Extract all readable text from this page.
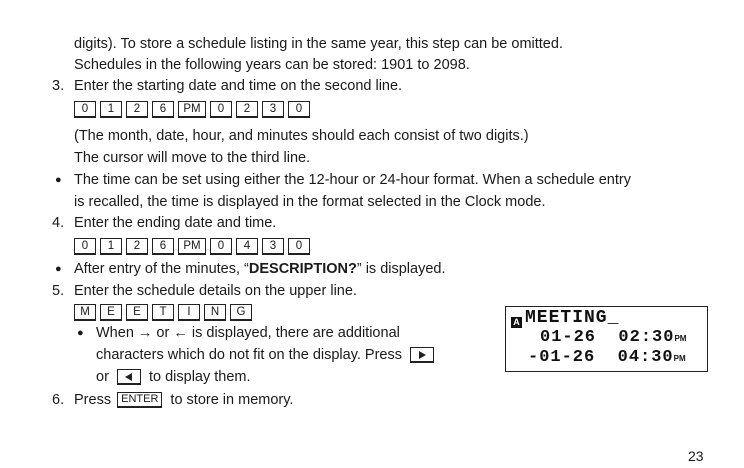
digits). To store a schedule listing in the same year, this step can be omitted.
Schedules in the following years can be stored: 1901 to 2098.
3. Enter the starting date and time on the second line.
0	1	2	6	PM	0	2	3	0
(The month, date, hour, and minutes should each consist of two digits.)
The cursor will move to the third line.
● The time can be set using either the 12-hour or 24-hour format. When a schedule entry
is recalled, the time is displayed in the format selected in the Clock mode.
4. Enter the ending date and time.
0	1	2	6	PM	0	4	3	0
● After entry of the minutes, “DESCRIPTION?” is displayed.
5. Enter the schedule details on the upper line.
M	E	E	T	I	N	G
● When → or ← is displayed, there are additional
characters which do not fit on the display. Press
or	to display them.
6. Press ENTER to store in memory.
A MEETING_
01-26 02:30PM
-01-26 04:30PM
23
